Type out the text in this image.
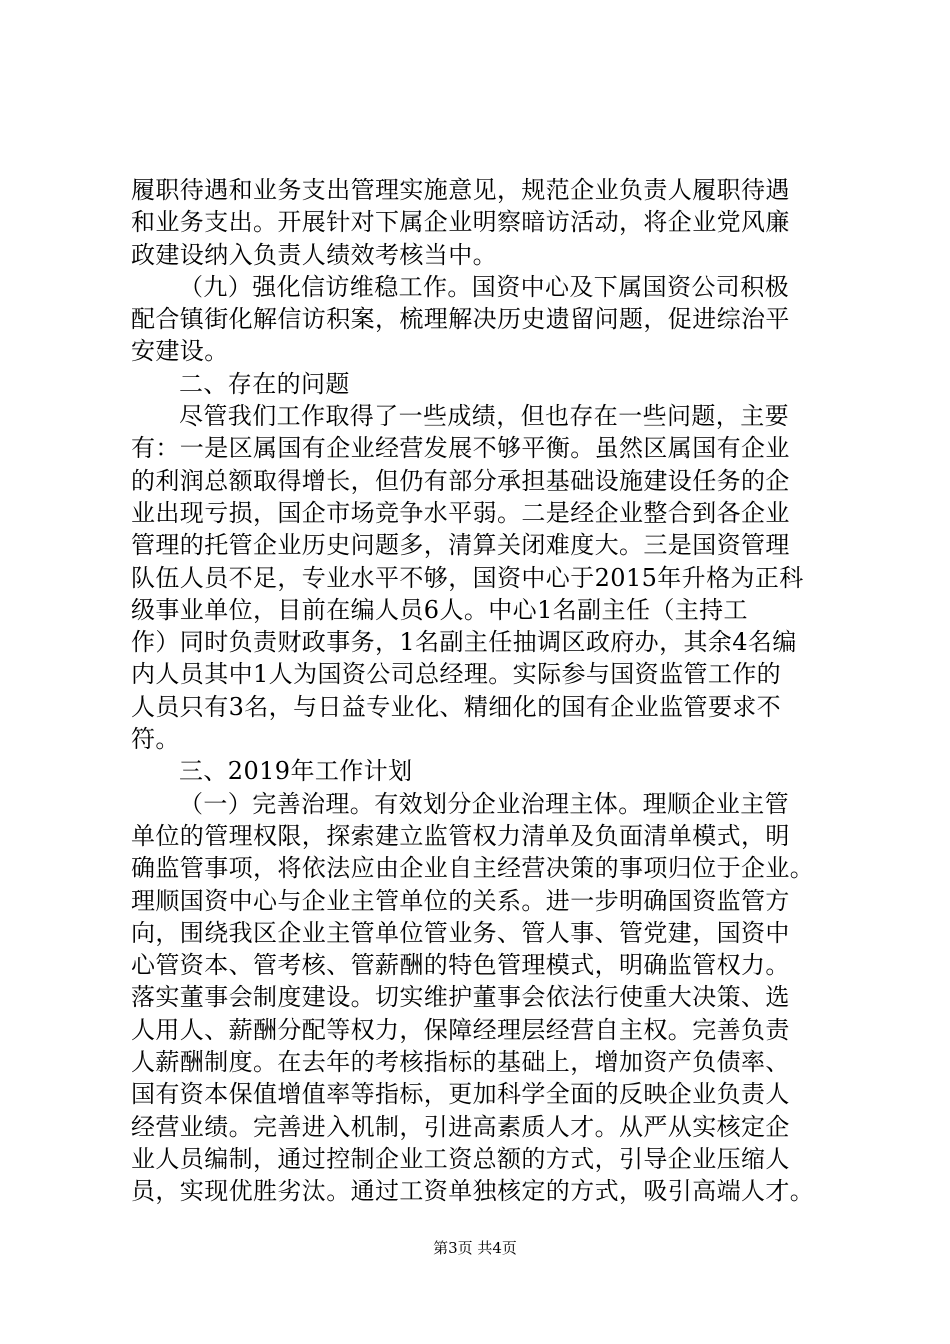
履职待遇和业务支出管理实施意见，规范企业负责人履职待遇
和业务支出。开展针对下属企业明察暗访活动，将企业党风廉
政建设纳入负责人绩效考核当中。
（九）强化信访维稳工作。国资中心及下属国资公司积极
配合镇街化解信访积案，梳理解决历史遗留问题，促进综治平
安建设。
二、存在的问题
尽管我们工作取得了一些成绩，但也存在一些问题，主要
有：一是区属国有企业经营发展不够平衡。虽然区属国有企业
的利润总额取得增长，但仍有部分承担基础设施建设任务的企
业出现亏损，国企市场竞争水平弱。二是经企业整合到各企业
管理的托管企业历史问题多，清算关闭难度大。三是国资管理
队伍人员不足，专业水平不够，国资中心于2015年升格为正科
级事业单位，目前在编人员6人。中心1名副主任（主持工
作）同时负责财政事务，1名副主任抽调区政府办，其余4名编
内人员其中1人为国资公司总经理。实际参与国资监管工作的
人员只有3名，与日益专业化、精细化的国有企业监管要求不
符。
三、2019年工作计划
（一）完善治理。有效划分企业治理主体。理顺企业主管
单位的管理权限，探索建立监管权力清单及负面清单模式，明
确监管事项，将依法应由企业自主经营决策的事项归位于企业。
理顺国资中心与企业主管单位的关系。进一步明确国资监管方
向，围绕我区企业主管单位管业务、管人事、管党建，国资中
心管资本、管考核、管薪酬的特色管理模式，明确监管权力。
落实董事会制度建设。切实维护董事会依法行使重大决策、选
人用人、薪酬分配等权力，保障经理层经营自主权。完善负责
人薪酬制度。在去年的考核指标的基础上，增加资产负债率、
国有资本保值增值率等指标，更加科学全面的反映企业负责人
经营业绩。完善进入机制，引进高素质人才。从严从实核定企
业人员编制，通过控制企业工资总额的方式，引导企业压缩人
员，实现优胜劣汰。通过工资单独核定的方式，吸引高端人才。
第3页 共4页
